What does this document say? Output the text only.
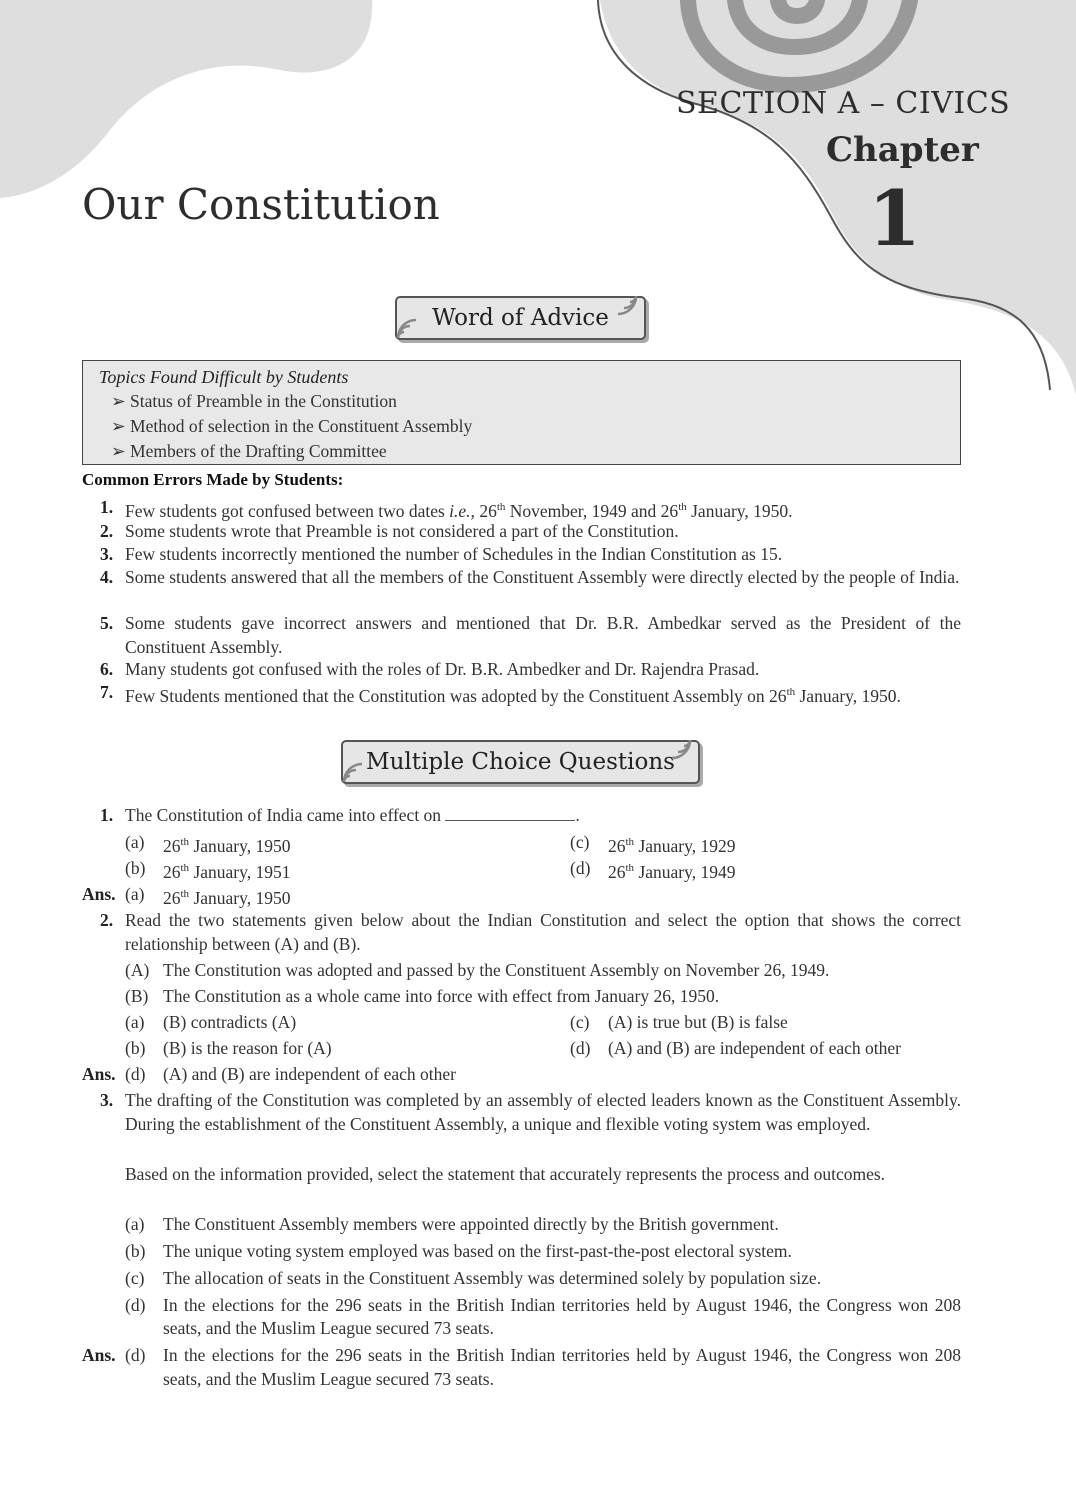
SECTION A – CIVICS
Chapter
1
Our Constitution
Word of Advice
Topics Found Difficult by Students
➢ Status of Preamble in the Constitution
➢ Method of selection in the Constituent Assembly
➢ Members of the Drafting Committee
Common Errors Made by Students:
1. Few students got confused between two dates i.e., 26th November, 1949 and 26th January, 1950.
2. Some students wrote that Preamble is not considered a part of the Constitution.
3. Few students incorrectly mentioned the number of Schedules in the Indian Constitution as 15.
4. Some students answered that all the members of the Constituent Assembly were directly elected by the people of India.
5. Some students gave incorrect answers and mentioned that Dr. B.R. Ambedkar served as the President of the Constituent Assembly.
6. Many students got confused with the roles of Dr. B.R. Ambedker and Dr. Rajendra Prasad.
7. Few Students mentioned that the Constitution was adopted by the Constituent Assembly on 26th January, 1950.
Multiple Choice Questions
1. The Constitution of India came into effect on	.
(a)	26th January, 1950
(b)	26th January, 1951
(c)	26th January, 1929
(d)	26th January, 1949
Ans. (a)	26th January, 1950
2. Read the two statements given below about the Indian Constitution and select the option that shows the correct relationship between (A) and (B).
(A) The Constitution was adopted and passed by the Constituent Assembly on November 26, 1949.
(B) The Constitution as a whole came into force with effect from January 26, 1950.
(a)	(B) contradicts (A)
(b)	(B) is the reason for (A)
(c)	(A) is true but (B) is false
(d)	(A) and (B) are independent of each other
Ans. (d)	(A) and (B) are independent of each other
3. The drafting of the Constitution was completed by an assembly of elected leaders known as the Constituent Assembly. During the establishment of the Constituent Assembly, a unique and flexible voting system was employed.
Based on the information provided, select the statement that accurately represents the process and outcomes.
(a)	The Constituent Assembly members were appointed directly by the British government.
(b)	The unique voting system employed was based on the first-past-the-post electoral system.
(c)	The allocation of seats in the Constituent Assembly was determined solely by population size.
(d)	In the elections for the 296 seats in the British Indian territories held by August 1946, the Congress won 208 seats, and the Muslim League secured 73 seats.
Ans. (d)	In the elections for the 296 seats in the British Indian territories held by August 1946, the Congress won 208 seats, and the Muslim League secured 73 seats.
